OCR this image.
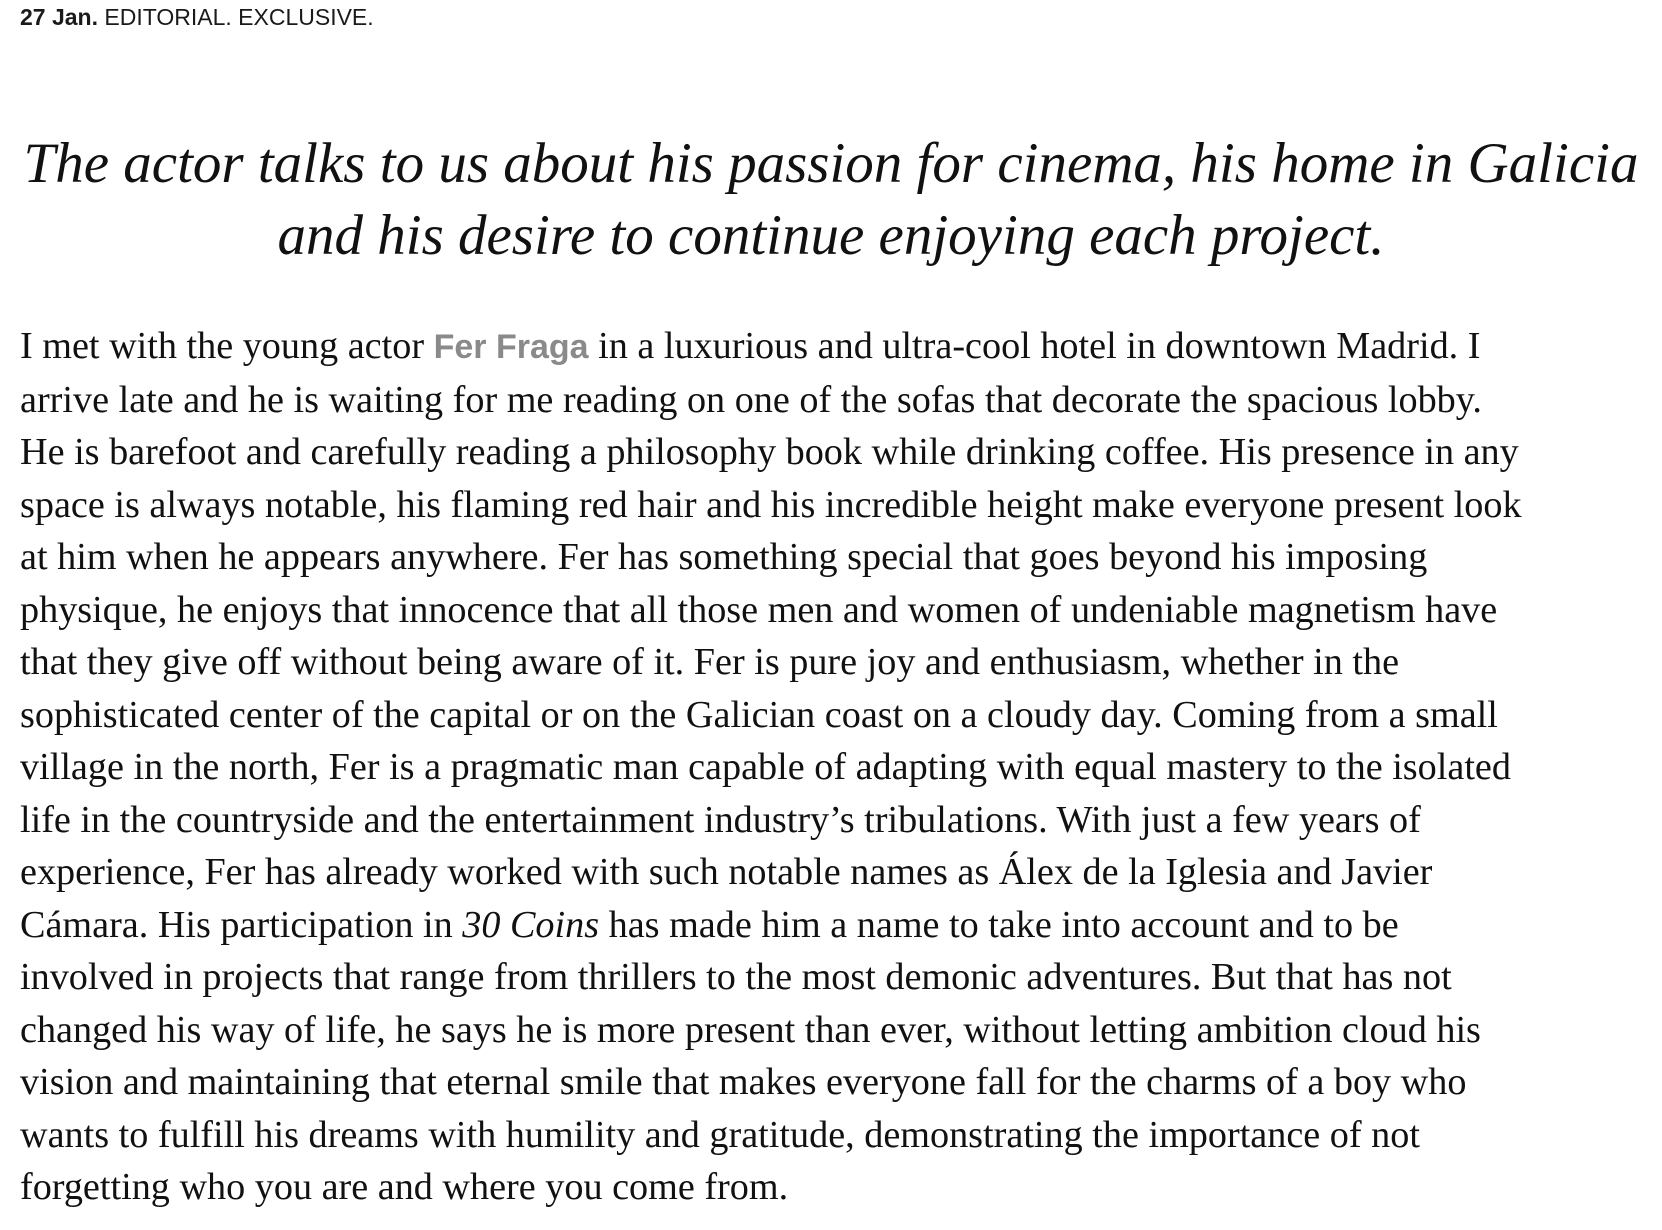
27 Jan. EDITORIAL. EXCLUSIVE.
The actor talks to us about his passion for cinema, his home in Galicia
and his desire to continue enjoying each project.
I met with the young actor Fer Fraga in a luxurious and ultra-cool hotel in downtown Madrid. I
arrive late and he is waiting for me reading on one of the sofas that decorate the spacious lobby.
He is barefoot and carefully reading a philosophy book while drinking coffee. His presence in any
space is always notable, his flaming red hair and his incredible height make everyone present look
at him when he appears anywhere. Fer has something special that goes beyond his imposing
physique, he enjoys that innocence that all those men and women of undeniable magnetism have
that they give off without being aware of it. Fer is pure joy and enthusiasm, whether in the
sophisticated center of the capital or on the Galician coast on a cloudy day. Coming from a small
village in the north, Fer is a pragmatic man capable of adapting with equal mastery to the isolated
life in the countryside and the entertainment industry’s tribulations. With just a few years of
experience, Fer has already worked with such notable names as Álex de la Iglesia and Javier
Cámara. His participation in 30 Coins has made him a name to take into account and to be
involved in projects that range from thrillers to the most demonic adventures. But that has not
changed his way of life, he says he is more present than ever, without letting ambition cloud his
vision and maintaining that eternal smile that makes everyone fall for the charms of a boy who
wants to fulfill his dreams with humility and gratitude, demonstrating the importance of not
forgetting who you are and where you come from.
